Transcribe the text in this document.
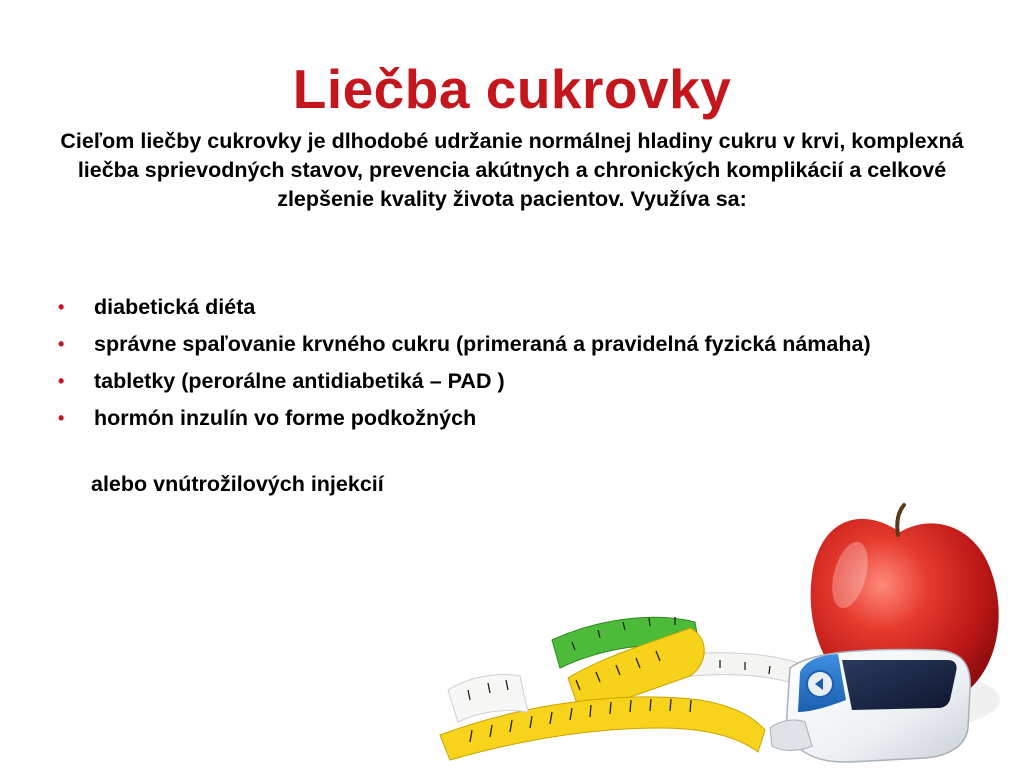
Liečba cukrovky
Cieľom liečby cukrovky je dlhodobé udržanie normálnej hladiny cukru v krvi, komplexná liečba sprievodných stavov, prevencia akútnych a chronických komplikácií a celkové zlepšenie kvality života pacientov. Využíva sa:
• diabetická diéta
• správne spaľovanie krvného cukru (primeraná a pravidelná fyzická námaha)
• tabletky (perorálne antidiabetiká – PAD )
• hormón inzulín vo forme podkožných
alebo vnútrožilových injekcií
